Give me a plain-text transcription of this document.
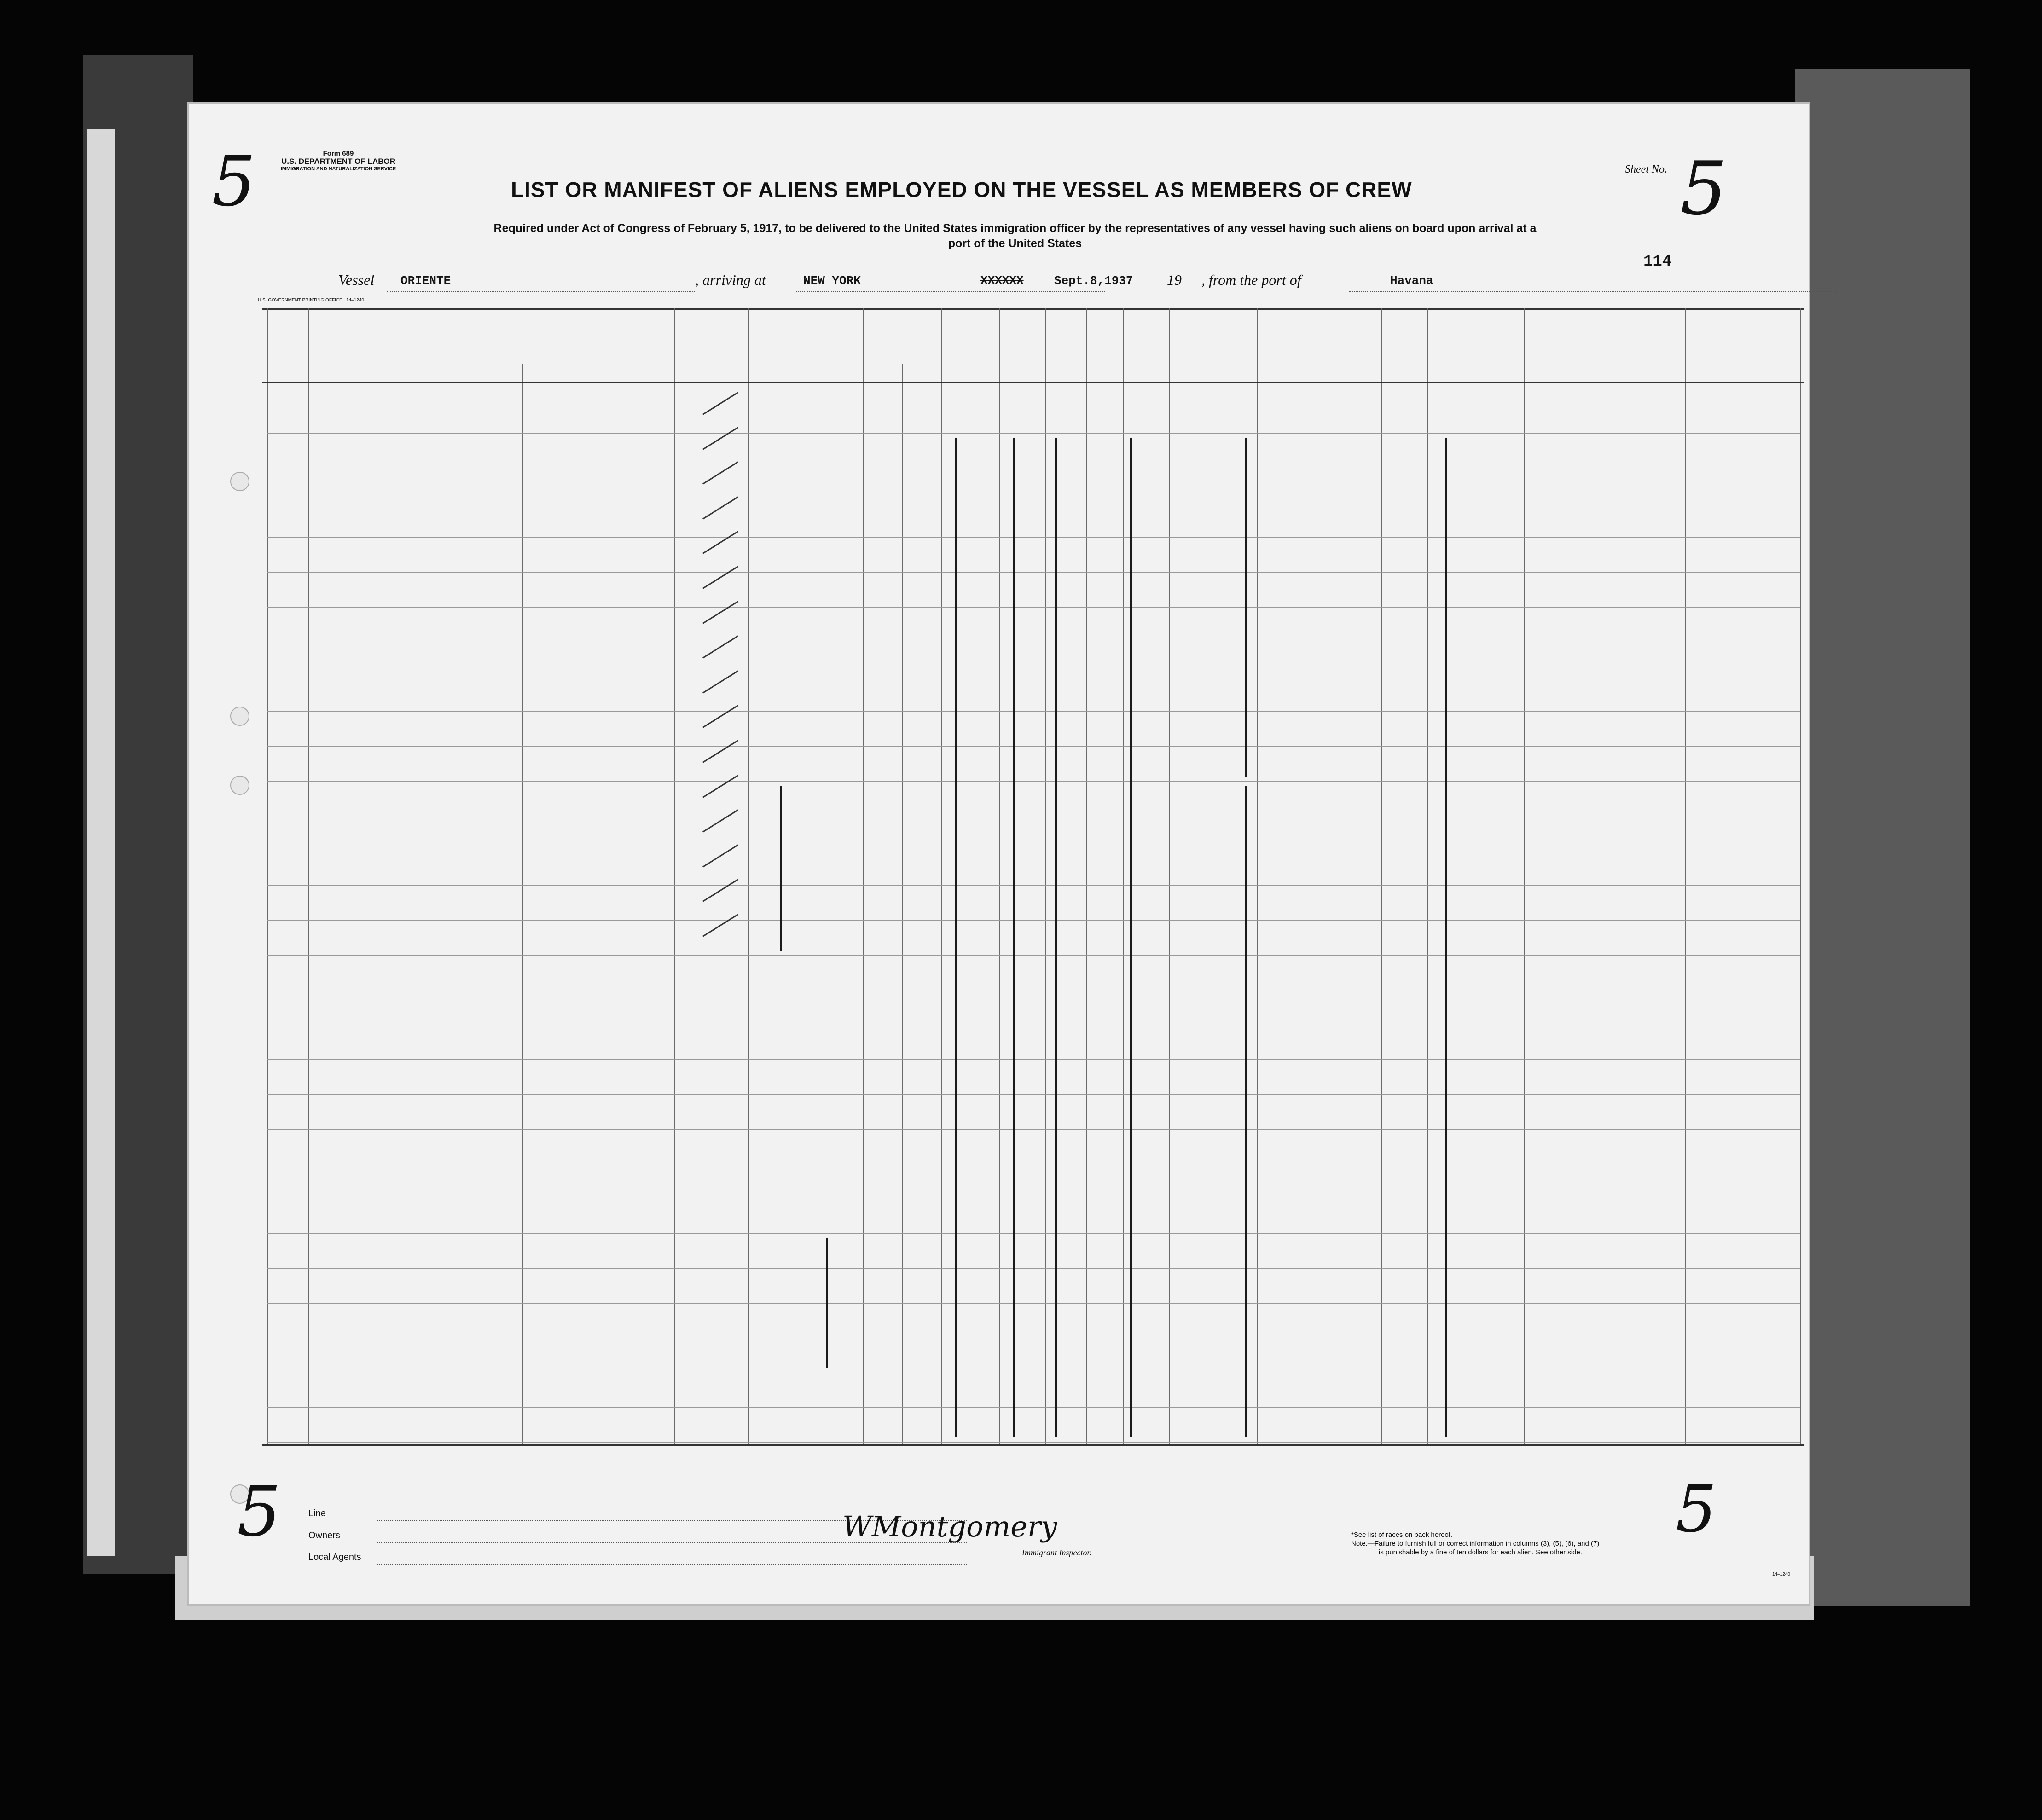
5	Form 689
U.S. DEPARTMENT OF LABOR
IMMIGRATION AND NATURALIZATION SERVICE
LIST OR MANIFEST OF ALIENS EMPLOYED ON THE VESSEL AS MEMBERS OF CREW
Sheet No. 5
Required under Act of Congress of February 5, 1917, to be delivered to the United States immigration officer by the representatives of any vessel having such aliens on board upon arrival at a
port of the United States
Vessel ORIENTE	, arriving at	NEW YORK	XXXXXX	Sept.8,1937 19 , from the port of	Havana
114
U.S. GOVERNMENT PRINTING OFFICE 14–1240
5	Line
Owners
Local Agents
WMontgomery
Immigrant Inspector.
*See list of races on back hereof.
Note.—Failure to furnish full or correct information in columns (3), (5), (6), and (7)
is punishable by a fine of ten dollars for each alien. See other side.
14–1240
5
